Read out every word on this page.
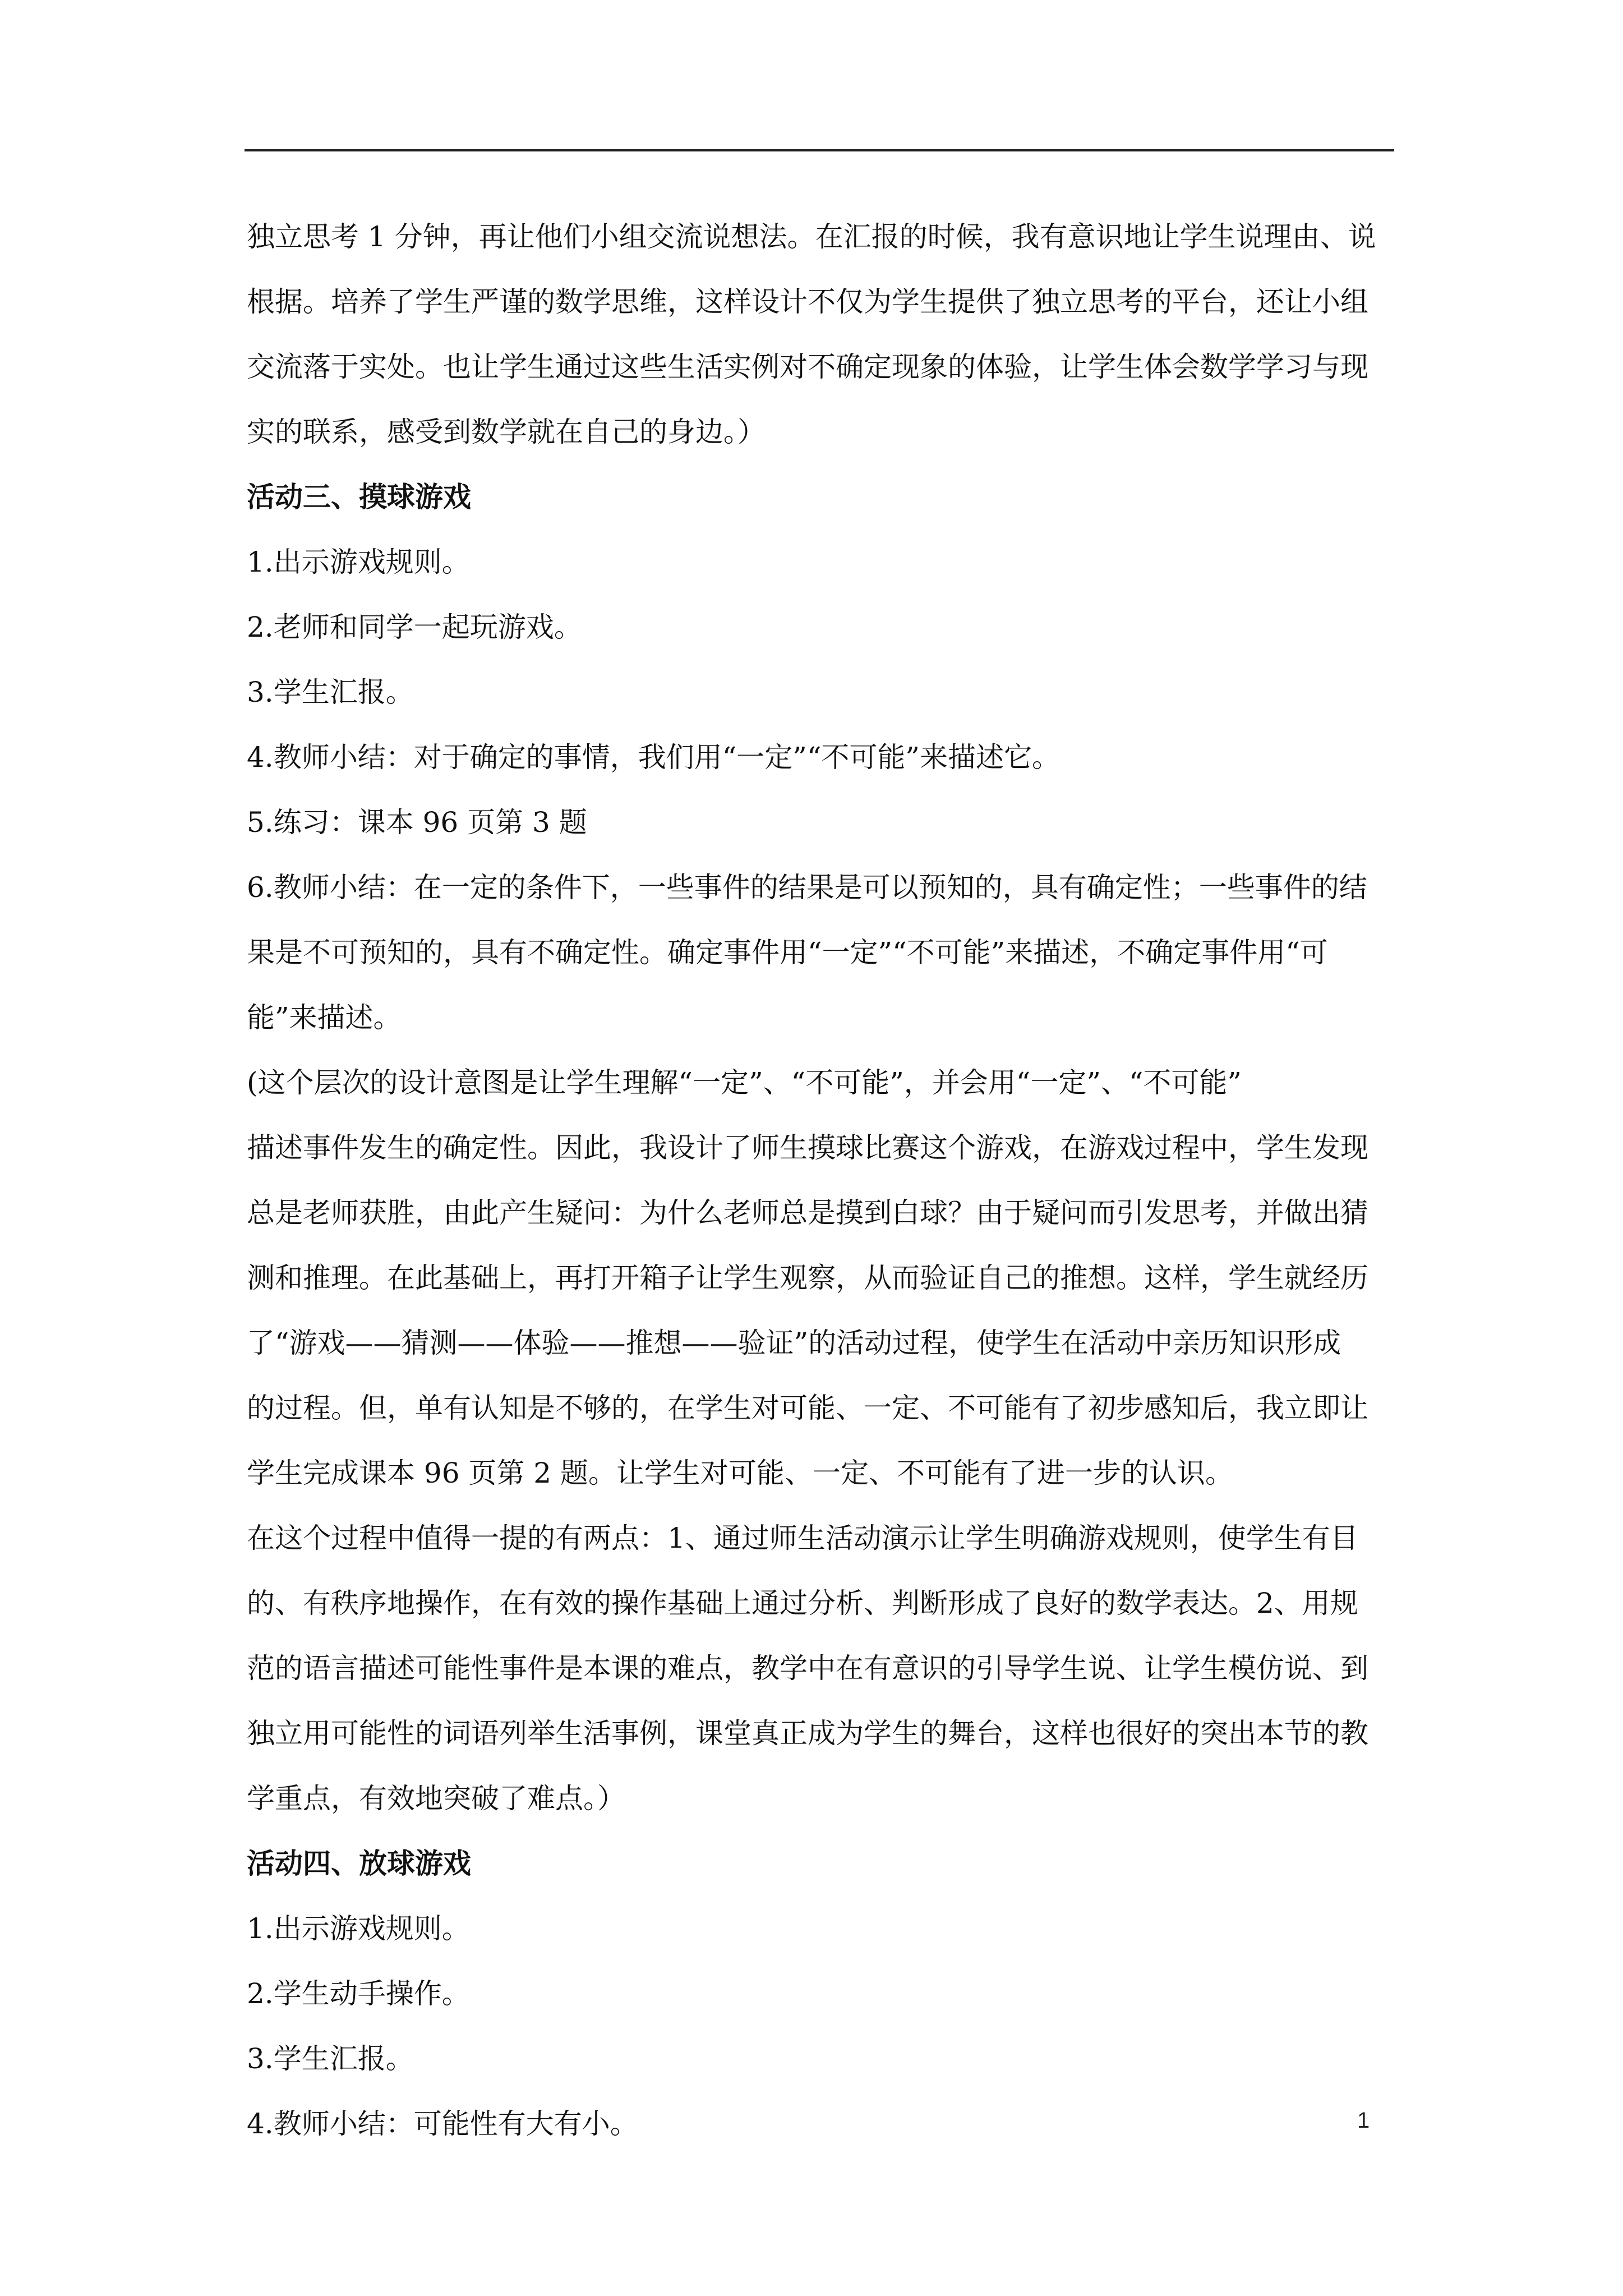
独立思考 1 分钟，再让他们小组交流说想法。在汇报的时候，我有意识地让学生说理由、说
根据。培养了学生严谨的数学思维，这样设计不仅为学生提供了独立思考的平台，还让小组
交流落于实处。也让学生通过这些生活实例对不确定现象的体验，让学生体会数学学习与现
实的联系，感受到数学就在自己的身边。）
活动三、摸球游戏
1.出示游戏规则。
2.老师和同学一起玩游戏。
3.学生汇报。
4.教师小结：对于确定的事情，我们用“一定”“不可能”来描述它。
5.练习：课本 96 页第 3 题
6.教师小结：在一定的条件下，一些事件的结果是可以预知的，具有确定性；一些事件的结
果是不可预知的，具有不确定性。确定事件用“一定”“不可能”来描述，不确定事件用“可
能”来描述。
(这个层次的设计意图是让学生理解“一定”、“不可能”，并会用“一定”、“不可能”
描述事件发生的确定性。因此，我设计了师生摸球比赛这个游戏，在游戏过程中，学生发现
总是老师获胜，由此产生疑问：为什么老师总是摸到白球？由于疑问而引发思考，并做出猜
测和推理。在此基础上，再打开箱子让学生观察，从而验证自己的推想。这样，学生就经历
了“游戏——猜测——体验——推想——验证”的活动过程，使学生在活动中亲历知识形成
的过程。但，单有认知是不够的，在学生对可能、一定、不可能有了初步感知后，我立即让
学生完成课本 96 页第 2 题。让学生对可能、一定、不可能有了进一步的认识。
在这个过程中值得一提的有两点：1、通过师生活动演示让学生明确游戏规则，使学生有目
的、有秩序地操作，在有效的操作基础上通过分析、判断形成了良好的数学表达。2、用规
范的语言描述可能性事件是本课的难点，教学中在有意识的引导学生说、让学生模仿说、到
独立用可能性的词语列举生活事例，课堂真正成为学生的舞台，这样也很好的突出本节的教
学重点，有效地突破了难点。）
活动四、放球游戏
1.出示游戏规则。
2.学生动手操作。
3.学生汇报。
4.教师小结：可能性有大有小。	1
